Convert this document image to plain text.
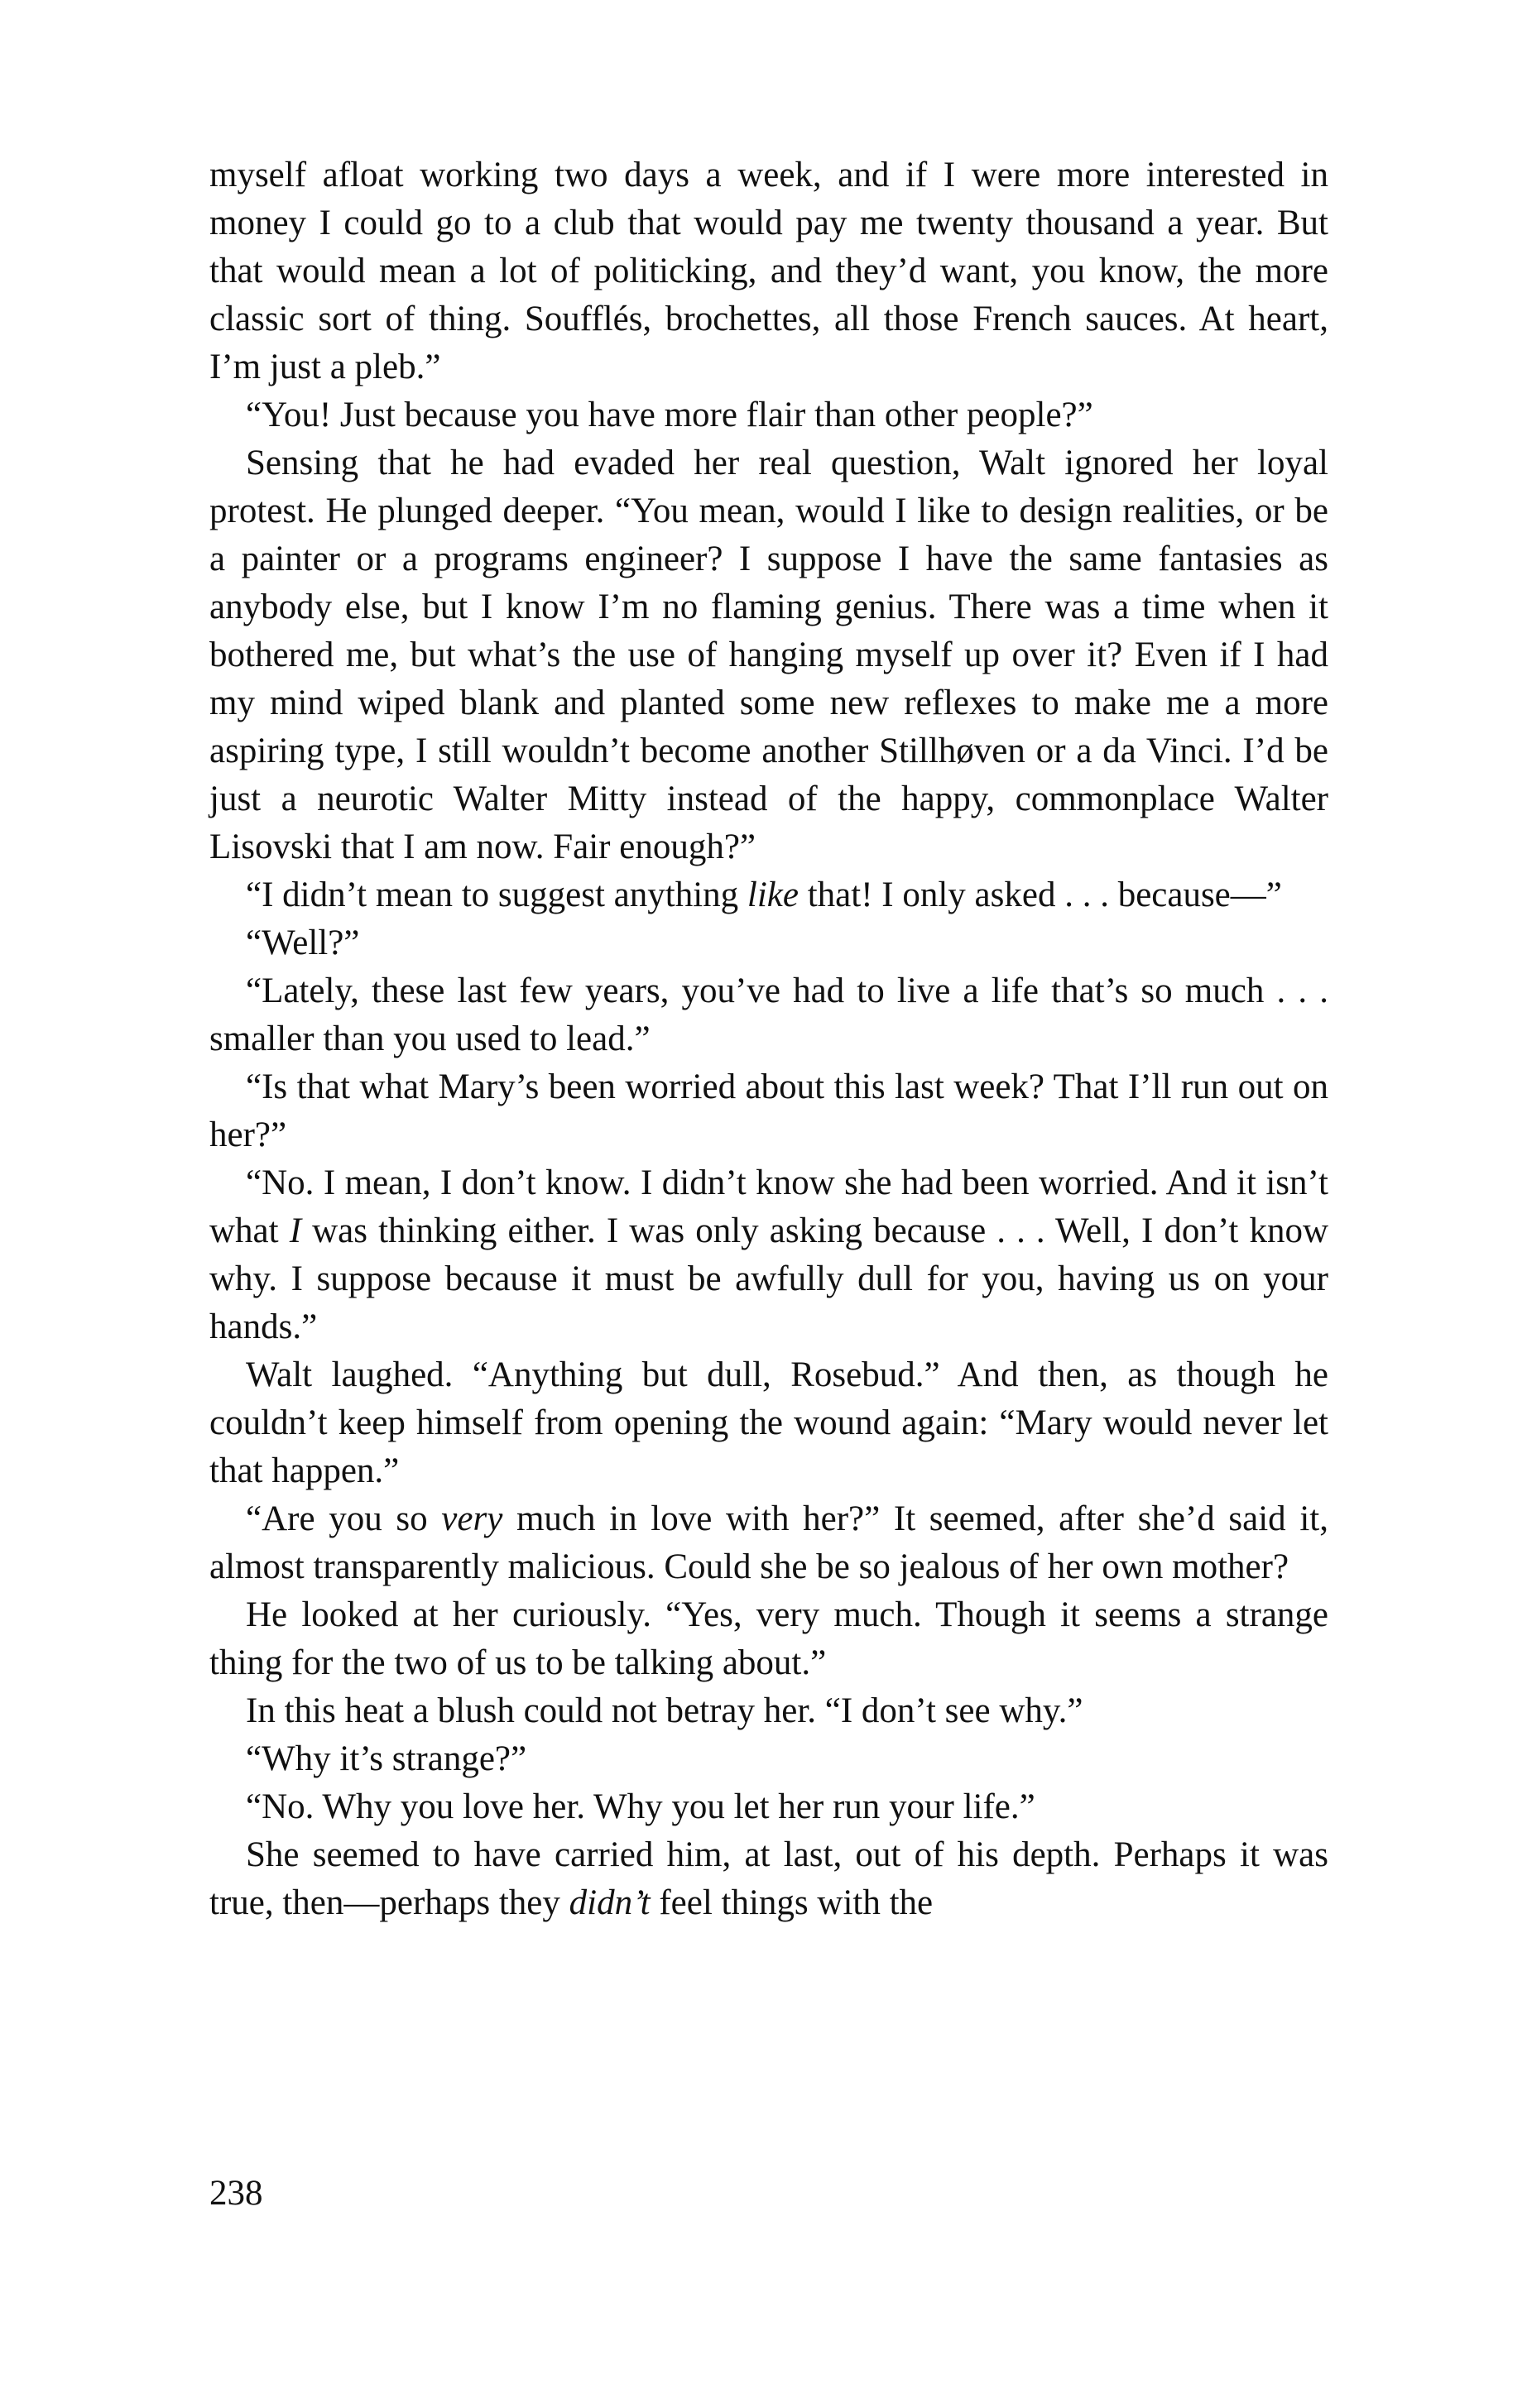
myself afloat working two days a week, and if I were more interested in money I could go to a club that would pay me twenty thousand a year. But that would mean a lot of politicking, and they’d want, you know, the more classic sort of thing. Soufflés, brochettes, all those French sauces. At heart, I’m just a pleb.”

“You! Just because you have more flair than other people?”

Sensing that he had evaded her real question, Walt ignored her loyal protest. He plunged deeper. “You mean, would I like to design realities, or be a painter or a programs engineer? I suppose I have the same fantasies as anybody else, but I know I’m no flaming genius. There was a time when it bothered me, but what’s the use of hanging myself up over it? Even if I had my mind wiped blank and planted some new reflexes to make me a more aspiring type, I still wouldn’t become another Stillhøven or a da Vinci. I’d be just a neurotic Walter Mitty instead of the happy, commonplace Walter Lisovski that I am now. Fair enough?”

“I didn’t mean to suggest anything like that! I only asked . . . because—”

“Well?”

“Lately, these last few years, you’ve had to live a life that’s so much . . . smaller than you used to lead.”

“Is that what Mary’s been worried about this last week? That I’ll run out on her?”

“No. I mean, I don’t know. I didn’t know she had been worried. And it isn’t what I was thinking either. I was only asking because . . . Well, I don’t know why. I suppose because it must be awfully dull for you, having us on your hands.”

Walt laughed. “Anything but dull, Rosebud.” And then, as though he couldn’t keep himself from opening the wound again: “Mary would never let that happen.”

“Are you so very much in love with her?” It seemed, after she’d said it, almost transparently malicious. Could she be so jealous of her own mother?

He looked at her curiously. “Yes, very much. Though it seems a strange thing for the two of us to be talking about.”

In this heat a blush could not betray her. “I don’t see why.”

“Why it’s strange?”

“No. Why you love her. Why you let her run your life.”

She seemed to have carried him, at last, out of his depth. Perhaps it was true, then—perhaps they didn’t feel things with the

238
